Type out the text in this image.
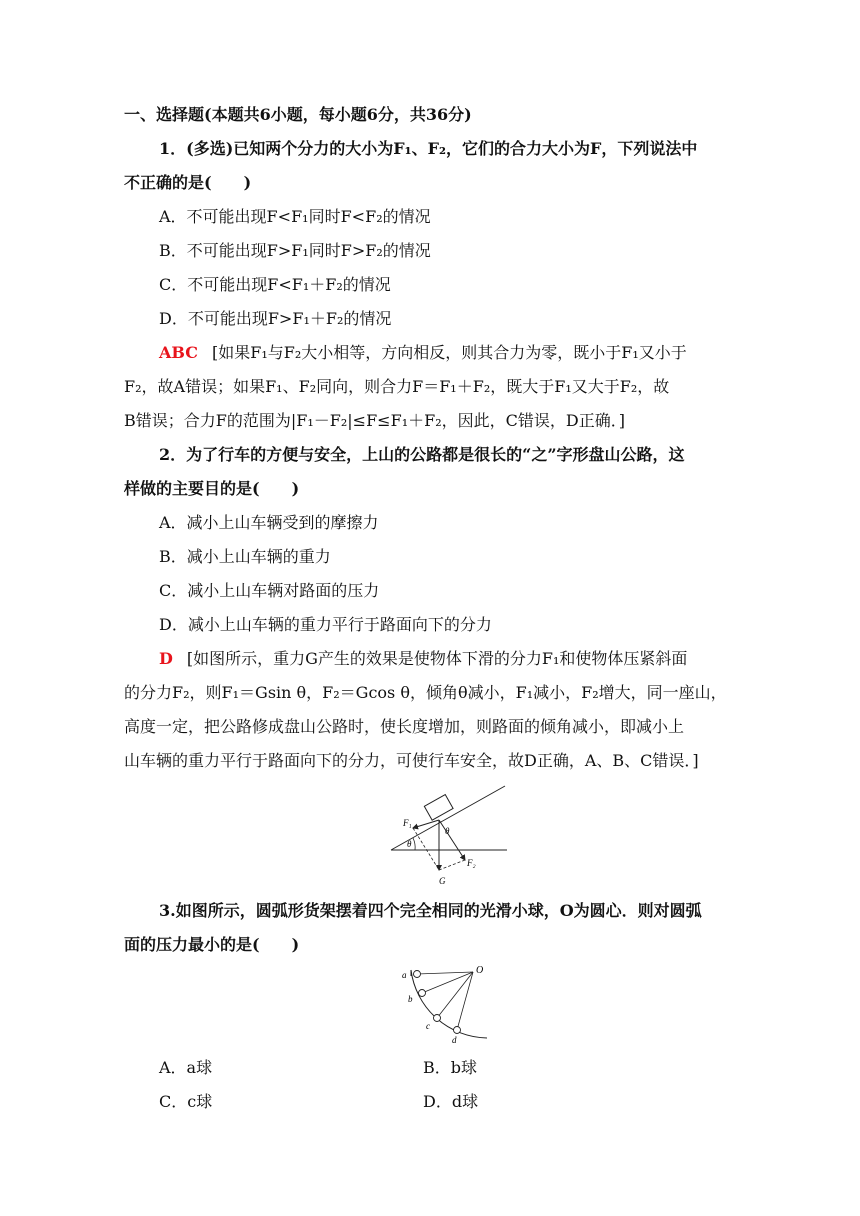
一、选择题(本题共6小题，每小题6分，共36分)
1．(多选)已知两个分力的大小为F₁、F₂，它们的合力大小为F，下列说法中
不正确的是(　　)
A．不可能出现F<F₁同时F<F₂的情况
B．不可能出现F>F₁同时F>F₂的情况
C．不可能出现F<F₁＋F₂的情况
D．不可能出现F>F₁＋F₂的情况
ABC [如果F₁与F₂大小相等，方向相反，则其合力为零，既小于F₁又小于
F₂，故A错误；如果F₁、F₂同向，则合力F＝F₁＋F₂，既大于F₁又大于F₂，故
B错误；合力F的范围为|F₁－F₂|≤F≤F₁＋F₂，因此，C错误，D正确．]
2．为了行车的方便与安全，上山的公路都是很长的“之”字形盘山公路，这
样做的主要目的是(　　)
A．减小上山车辆受到的摩擦力
B．减小上山车辆的重力
C．减小上山车辆对路面的压力
D．减小上山车辆的重力平行于路面向下的分力
D [如图所示，重力G产生的效果是使物体下滑的分力F₁和使物体压紧斜面
的分力F₂，则F₁＝Gsin θ，F₂＝Gcos θ，倾角θ减小，F₁减小，F₂增大，同一座山，
高度一定，把公路修成盘山公路时，使长度增加，则路面的倾角减小，即减小上
山车辆的重力平行于路面向下的分力，可使行车安全，故D正确，A、B、C错误．]
F₁
F₂
G
θ
θ
3.如图所示，圆弧形货架摆着四个完全相同的光滑小球，O为圆心．则对圆弧
面的压力最小的是(　　)
O
a
b
c
d
A．a球	B．b球
C．c球	D．d球
